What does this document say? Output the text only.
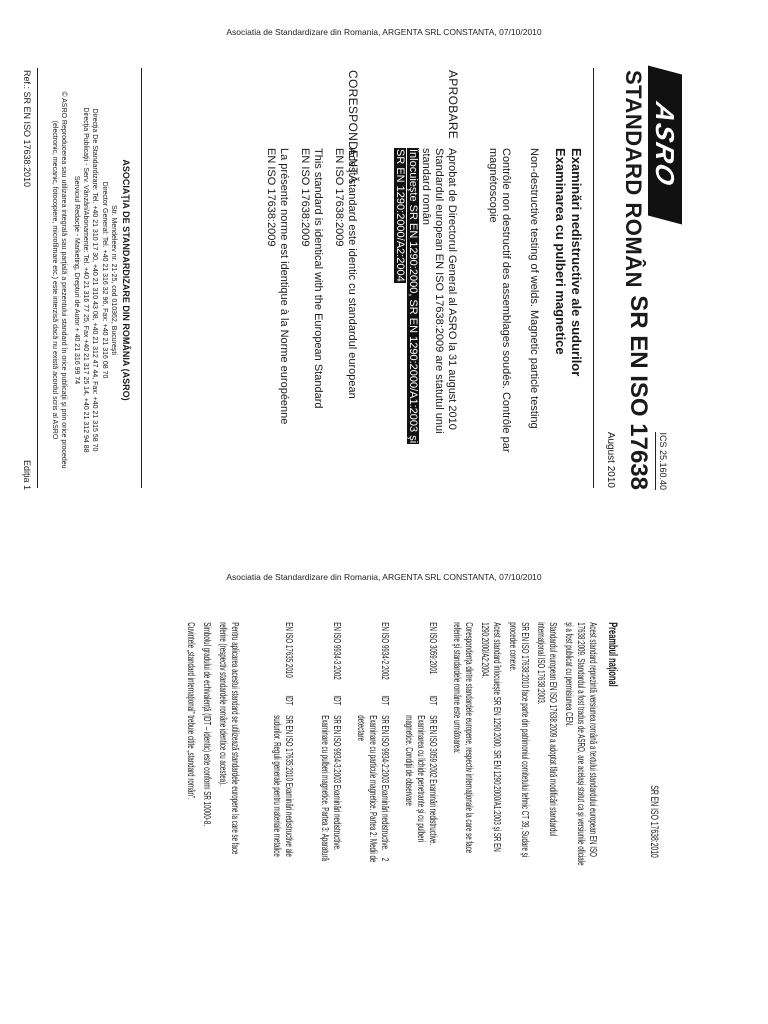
Asociatia de Standardizare din Romania, ARGENTA SRL CONSTANTA, 07/10/2010
ASRO
STANDARD ROMÂN
ICS 25.160.40
SR EN ISO 17638
August 2010
Examinări nedistructive ale sudurilor
Examinarea cu pulberi magnetice
Non-destructive testing of welds. Magnetic particle testing
Contrôle non destructif des assemblages soudés. Contrôle par
magnétoscopie
APROBARE
Aprobat de Directorul General al ASRO la 31 august 2010
Standardul european EN ISO 17638:2009 are statutul unui
standard român
Înlocuieşte SR EN 1290:2000, SR EN 1290:2000/A1:2003 şi
SR EN 1290:2000/A2:2004
CORESPONDENŢĂ
Acest standard este identic cu standardul european
EN ISO 17638:2009
This standard is identical with the European Standard
EN ISO 17638:2009
La présente norme est identique à la Norme européenne
EN ISO 17638:2009
ASOCIAŢIA DE STANDARDIZARE DIN ROMÂNIA (ASRO)
Str. Mendeleev nr. 21-25, cod 010362, Bucureşti
Director General: Tel. +40 21 316 32 96, Fax: +40 21 316 08 70
Direcţia De Standardizare: Tel. +40 21 310 17 30, +40 21 310 43 08, +40 21 312 47 44, Fax: +40 21 315 58 70
Direcţia Publicaţii - Serv. Vânzări/Abonamente: Tel. +40 21 316 77 25, Fax +40 21 317 25 14, +40 21 312 94 88
Serviciul Redacţie - Marketing, Drepturi de Autor + 40 21 316 99 74
© ASRO Reproducerea sau utilizarea integrală sau parţială a prezentului standard în orice publicaţii şi prin orice procedeu
(electronic, mecanic, fotocopiere, microfilmare etc.) este interzisă dacă nu există acordul scris al ASRO
Ref.: SR EN ISO 17638:2010
Ediţia 1
Asociatia de Standardizare din Romania, ARGENTA SRL CONSTANTA, 07/10/2010
SR EN ISO 17638:2010
Preambul naţional
Acest standard reprezintă versiunea română a textului standardului european EN ISO 17638:2009. Standardul a fost tradus de ASRO, are acelaşi statut ca şi versiunile oficiale şi a fost publicat cu permisiunea CEN.
Standardul european EN ISO 17638:2009 a adoptat fără modificări standardul internaţional ISO 17638:2003.
SR EN ISO 17638:2010 face parte din patrimoniul comitetului tehnic CT 39, Sudare şi procedee conexe.
Acest standard înlocuieşte SR EN 1290:2000, SR EN 1290:2000/A1:2003 şi SR EN 1290:2000/A2:2004.
Corespondenţa dintre standardele europene, respectiv internaţionale la care se face referire şi standardele române este următoarea:
EN ISO 3059:2001
IDT
SR EN ISO 3059:2002 Examinări nedistructive. Examinarea cu lichide penetrante şi cu pulberi magnetice. Condiţii de observare
EN ISO 9934-2:2002
IDT
SR EN ISO 9934-2:2003 Examinări nedistructive. Examinare cu particule magnetice. Partea 2: Medii de detectare
EN ISO 9934-3:2002
IDT
SR EN ISO 9934-3:2003 Examinări nedistructive. Examinare cu pulberi magnetice. Partea 3: Aparatură
EN ISO 17635:2010
IDT
SR EN ISO 17635:2010 Examinări nedistructive ale sudurilor. Reguli generale pentru materiale metalice
Pentru aplicarea acestui standard se utilizează standardele europene la care se face referire (respectiv standardele române identice cu acestea).
Simbolul gradului de echivalenţă (IDT – identic) este conform SR 10000-8.
Cuvintele „standard internaţional” trebuie citite „standard român”.
2
